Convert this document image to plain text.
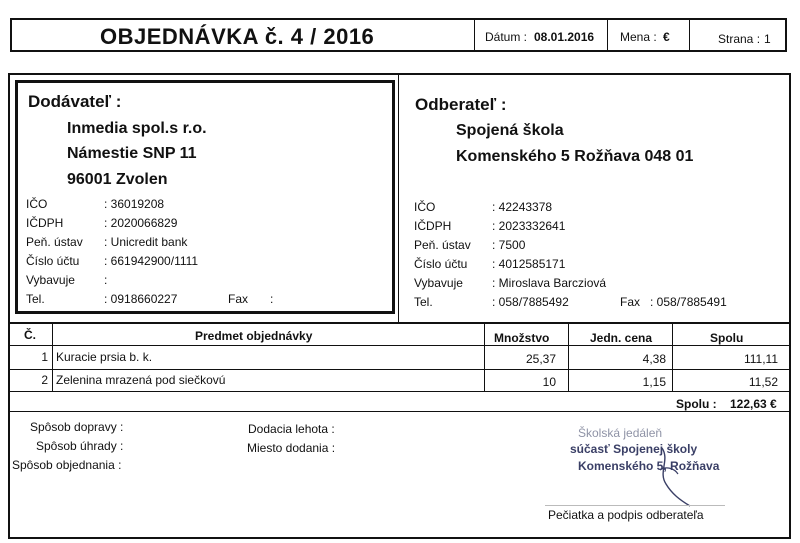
OBJEDNÁVKA č. 4 / 2016	Dátum : 08.01.2016 Mena : €	Strana : 1
Dodávateľ :
Inmedia spol.s r.o.
Námestie SNP 11
96001 Zvolen
IČO	: 36019208
IČDPH	: 2020066829
Peň. ústav : Unicredit bank
Číslo účtu : 661942900/1111
Vybavuje :
Tel.	: 0918660227	Fax :
Odberateľ :
Spojená škola
Komenského 5 Rožňava 048 01
IČO	: 42243378
IČDPH	: 2023332641
Peň. ústav : 7500
Číslo účtu : 4012585171
Vybavuje : Miroslava Barcziová
Tel.	: 058/7885492	Fax : 058/7885491
Č.	Predmet objednávky	Množstvo	Jedn. cena	Spolu
1 Kuracie prsia b. k.	25,37	4,38	111,11
2 Zelenina mrazená pod siečkovú	10	1,15	11,52
Spolu : 122,63 €
Spôsob dopravy :
Spôsob úhrady :
Spôsob objednania :
Dodacia lehota :
Miesto dodania :
Školská jedáleň
súčasť Spojenej školy
Komenského 5, Rožňava
Pečiatka a podpis odberateľa
